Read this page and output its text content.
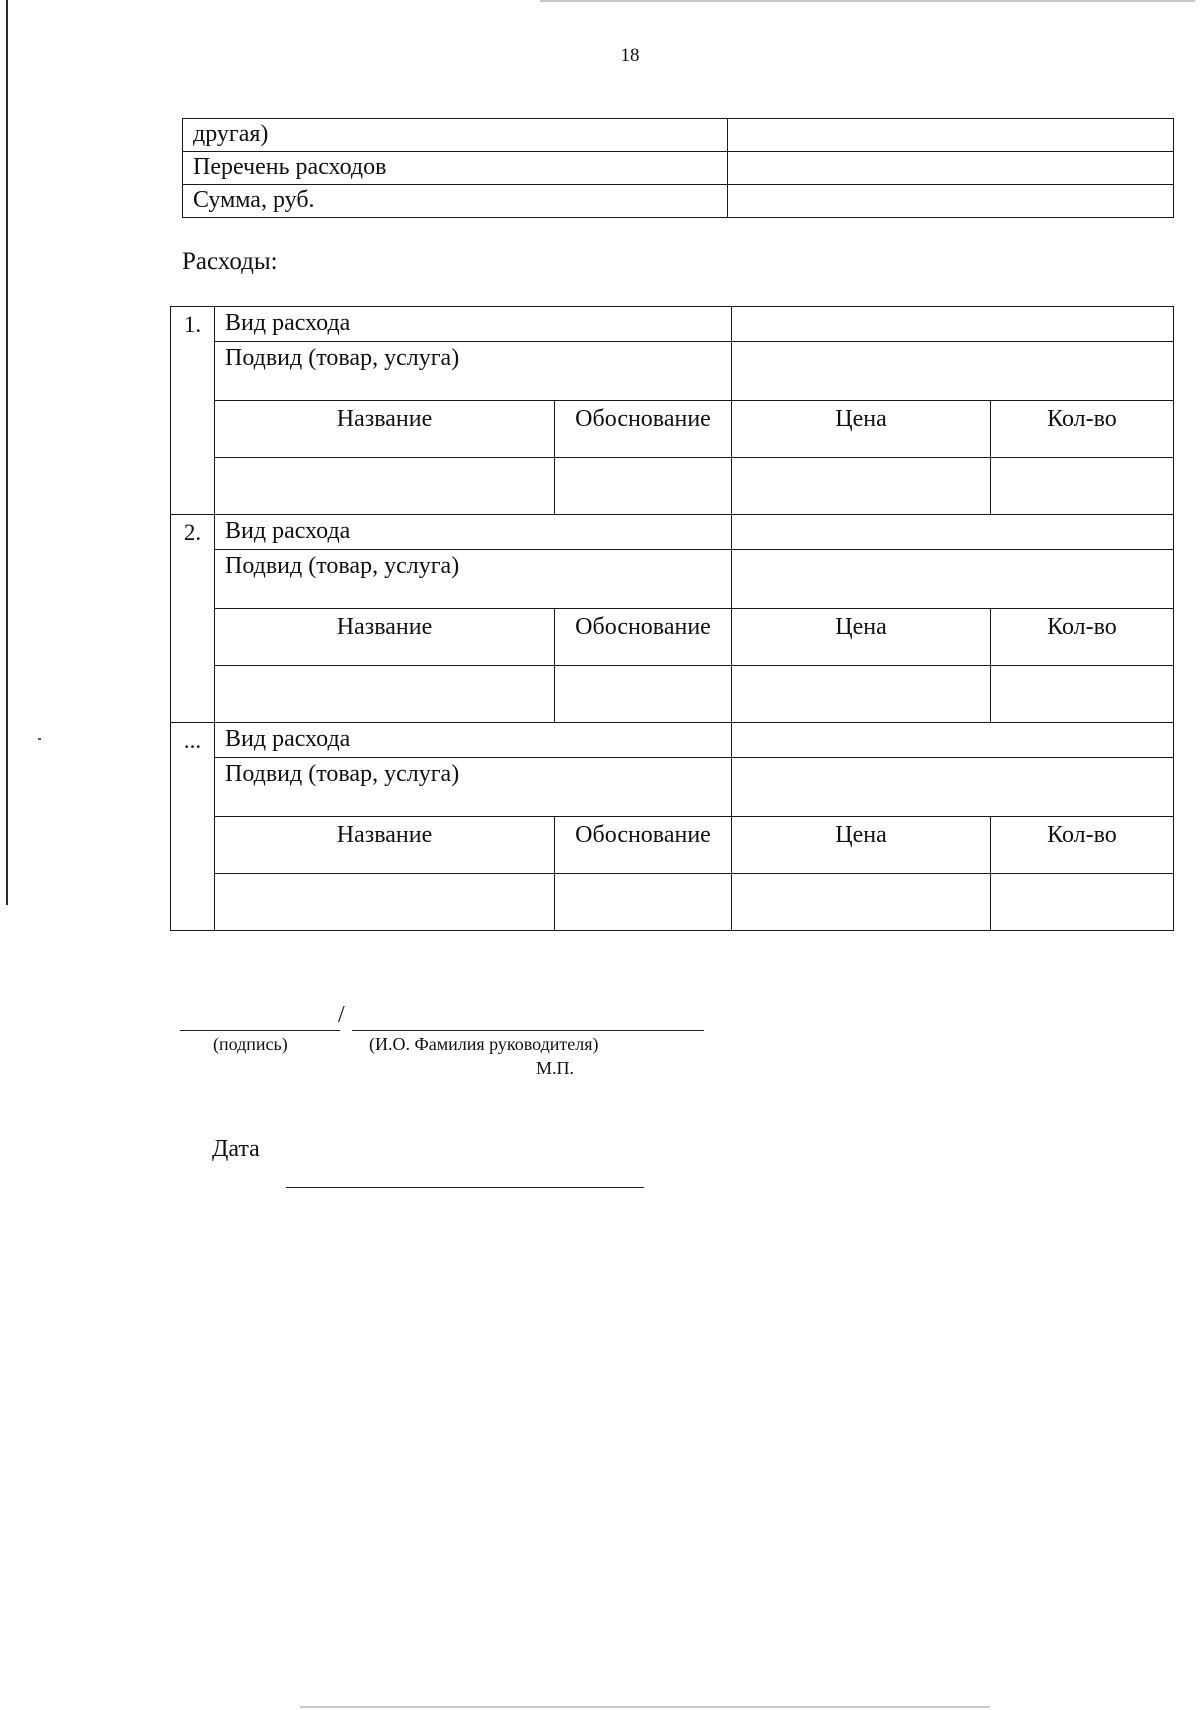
18
другая)	
Перечень расходов	
Сумма, руб.	
Расходы:
1.	Вид расхода			
	Подвид (товар, услуга)			
	Название	Обоснование	Цена	Кол-во

2.	Вид расхода			
	Подвид (товар, услуга)			
	Название	Обоснование	Цена	Кол-во

...	Вид расхода			
	Подвид (товар, услуга)			
	Название	Обоснование	Цена	Кол-во

/
(подпись)	(И.О. Фамилия руководителя)
М.П.
Дата
